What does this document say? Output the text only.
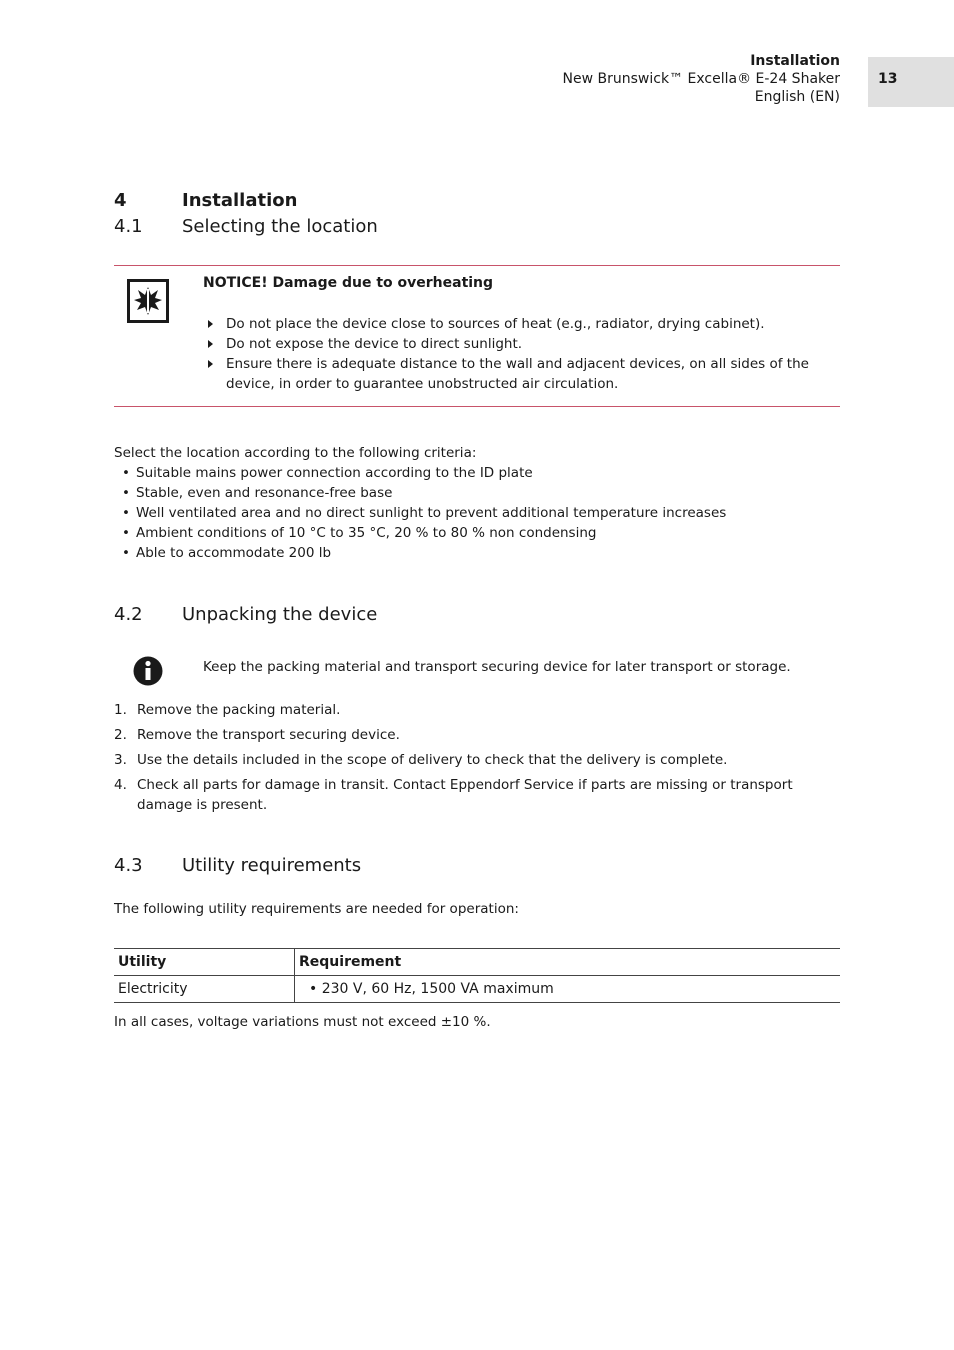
Installation
New Brunswick™ Excella® E-24 Shaker
English (EN)
13
4	Installation
4.1 Selecting the location
NOTICE! Damage due to overheating
Do not place the device close to sources of heat (e.g., radiator, drying cabinet).
Do not expose the device to direct sunlight.
Ensure there is adequate distance to the wall and adjacent devices, on all sides of the device, in order to guarantee unobstructed air circulation.
Select the location according to the following criteria:
• Suitable mains power connection according to the ID plate
• Stable, even and resonance-free base
• Well ventilated area and no direct sunlight to prevent additional temperature increases
• Ambient conditions of 10 °C to 35 °C, 20 % to 80 % non condensing
• Able to accommodate 200 lb
4.2 Unpacking the device
Keep the packing material and transport securing device for later transport or storage.
1. Remove the packing material.
2. Remove the transport securing device.
3. Use the details included in the scope of delivery to check that the delivery is complete.
4. Check all parts for damage in transit. Contact Eppendorf Service if parts are missing or transport damage is present.
4.3 Utility requirements
The following utility requirements are needed for operation:
Utility	Requirement
Electricity	• 230 V, 60 Hz, 1500 VA maximum
In all cases, voltage variations must not exceed ±10 %.
